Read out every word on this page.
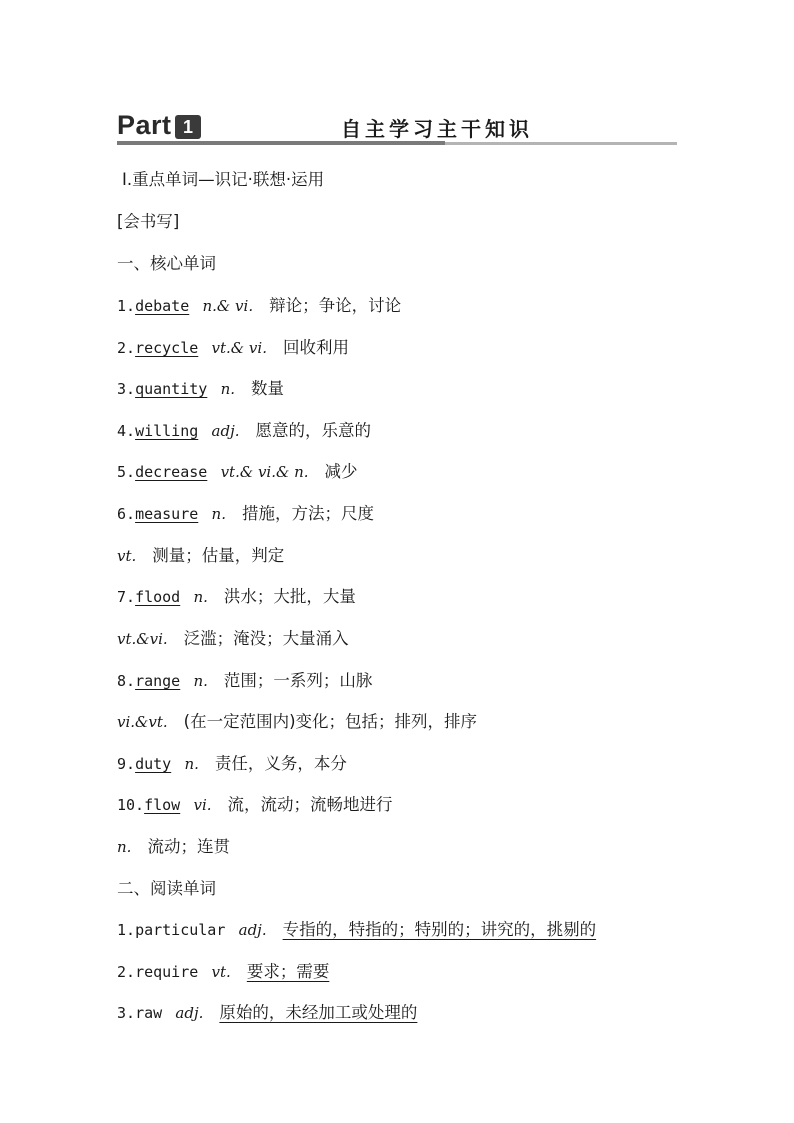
Part 1	自主学习主干知识
Ⅰ.重点单词—识记·联想·运用
[会书写]
一、核心单词
1.debate n.& vi. 辩论；争论，讨论
2.recycle vt.& vi. 回收利用
3.quantity n. 数量
4.willing adj. 愿意的，乐意的
5.decrease vt.& vi.& n. 减少
6.measure n. 措施，方法；尺度
vt. 测量；估量，判定
7.flood n. 洪水；大批，大量
vt.&vi. 泛滥；淹没；大量涌入
8.range n. 范围；一系列；山脉
vi.&vt. (在一定范围内)变化；包括；排列，排序
9.duty n. 责任，义务，本分
10.flow vi. 流，流动；流畅地进行
n. 流动；连贯
二、阅读单词
1.particular adj. 专指的，特指的；特别的；讲究的，挑剔的
2.require vt. 要求；需要
3.raw adj. 原始的，未经加工或处理的
